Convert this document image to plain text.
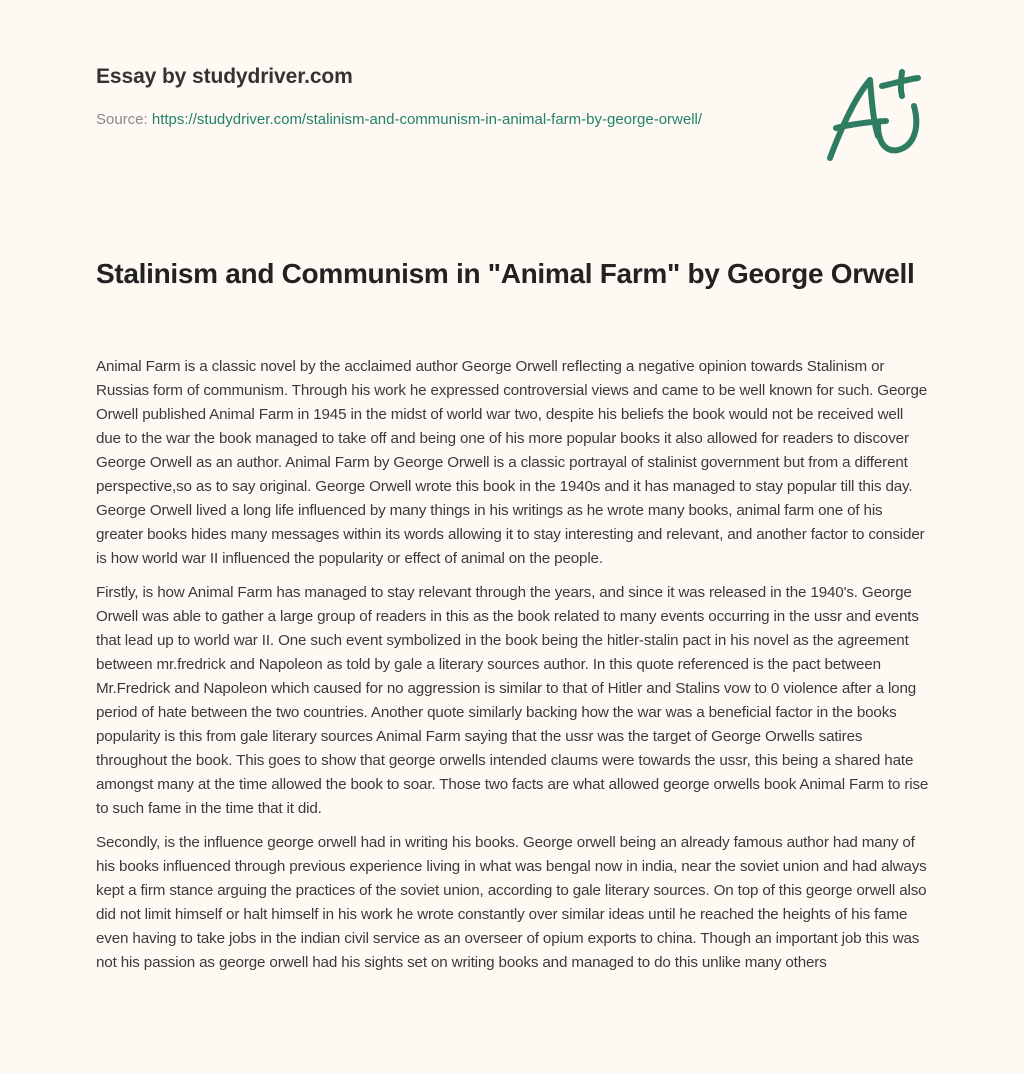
Essay by studydriver.com
Source: https://studydriver.com/stalinism-and-communism-in-animal-farm-by-george-orwell/
Stalinism and Communism in "Animal Farm" by George Orwell

Animal Farm is a classic novel by the acclaimed author George Orwell reflecting a negative opinion towards Stalinism or Russias form of communism. Through his work he expressed controversial views and came to be well known for such. George Orwell published Animal Farm in 1945 in the midst of world war two, despite his beliefs the book would not be received well due to the war the book managed to take off and being one of his more popular books it also allowed for readers to discover George Orwell as an author. Animal Farm by George Orwell is a classic portrayal of stalinist government but from a different perspective,so as to say original. George Orwell wrote this book in the 1940s and it has managed to stay popular till this day. George Orwell lived a long life influenced by many things in his writings as he wrote many books, animal farm one of his greater books hides many messages within its words allowing it to stay interesting and relevant, and another factor to consider is how world war II influenced the popularity or effect of animal on the people.

Firstly, is how Animal Farm has managed to stay relevant through the years, and since it was released in the 1940's. George Orwell was able to gather a large group of readers in this as the book related to many events occurring in the ussr and events that lead up to world war II. One such event symbolized in the book being the hitler-stalin pact in his novel as the agreement between mr.fredrick and Napoleon as told by gale a literary sources author. In this quote referenced is the pact between Mr.Fredrick and Napoleon which caused for no aggression is similar to that of Hitler and Stalins vow to 0 violence after a long period of hate between the two countries. Another quote similarly backing how the war was a beneficial factor in the books popularity is this from gale literary sources Animal Farm saying that the ussr was the target of George Orwells satires throughout the book. This goes to show that george orwells intended claums were towards the ussr, this being a shared hate amongst many at the time allowed the book to soar. Those two facts are what allowed george orwells book Animal Farm to rise to such fame in the time that it did.

Secondly, is the influence george orwell had in writing his books. George orwell being an already famous author had many of his books influenced through previous experience living in what was bengal now in india, near the soviet union and had always kept a firm stance arguing the practices of the soviet union, according to gale literary sources. On top of this george orwell also did not limit himself or halt himself in his work he wrote constantly over similar ideas until he reached the heights of his fame even having to take jobs in the indian civil service as an overseer of opium exports to china. Though an important job this was not his passion as george orwell had his sights set on writing books and managed to do this unlike many others
